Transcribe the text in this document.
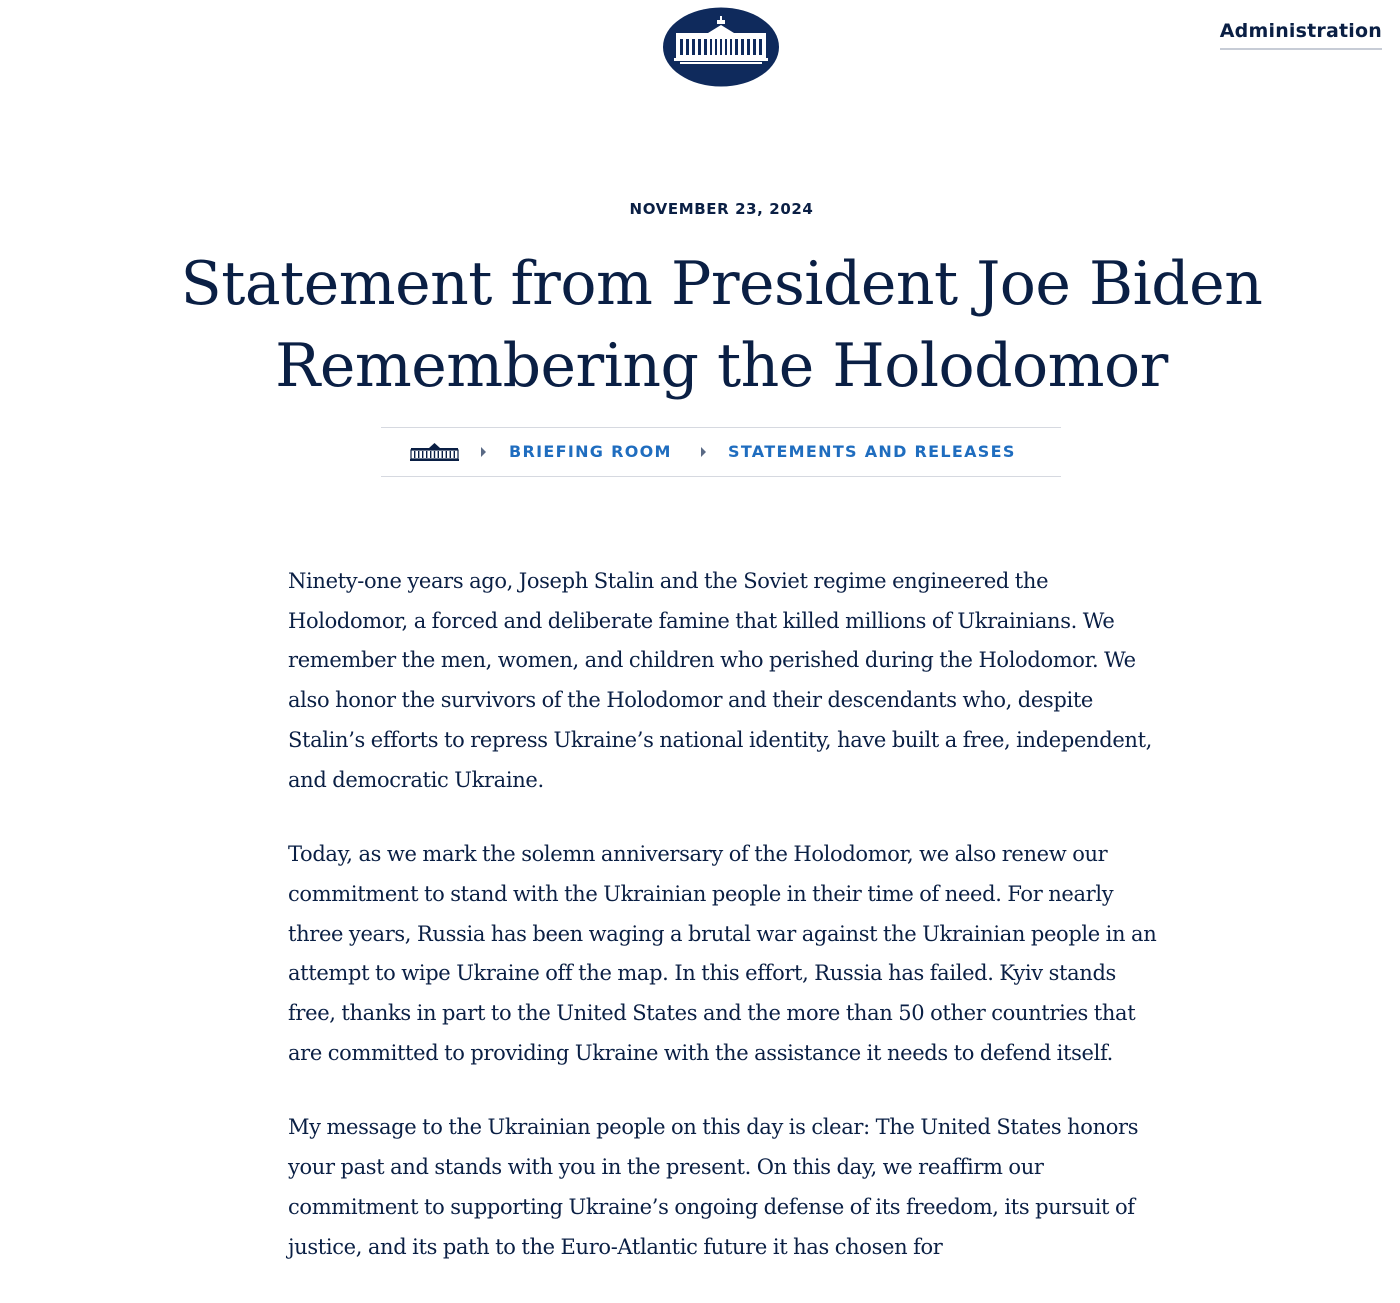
Administration
NOVEMBER 23, 2024
Statement from President Joe Biden
Remembering the Holodomor
BRIEFING ROOM	STATEMENTS AND RELEASES

Ninety-one years ago, Joseph Stalin and the Soviet regime engineered the Holodomor, a forced and deliberate famine that killed millions of Ukrainians. We remember the men, women, and children who perished during the Holodomor. We also honor the survivors of the Holodomor and their descendants who, despite Stalin’s efforts to repress Ukraine’s national identity, have built a free, independent, and democratic Ukraine.

Today, as we mark the solemn anniversary of the Holodomor, we also renew our commitment to stand with the Ukrainian people in their time of need. For nearly three years, Russia has been waging a brutal war against the Ukrainian people in an attempt to wipe Ukraine off the map. In this effort, Russia has failed. Kyiv stands free, thanks in part to the United States and the more than 50 other countries that are committed to providing Ukraine with the assistance it needs to defend itself.

My message to the Ukrainian people on this day is clear: The United States honors your past and stands with you in the present. On this day, we reaffirm our commitment to supporting Ukraine’s ongoing defense of its freedom, its pursuit of justice, and its path to the Euro-Atlantic future it has chosen for
